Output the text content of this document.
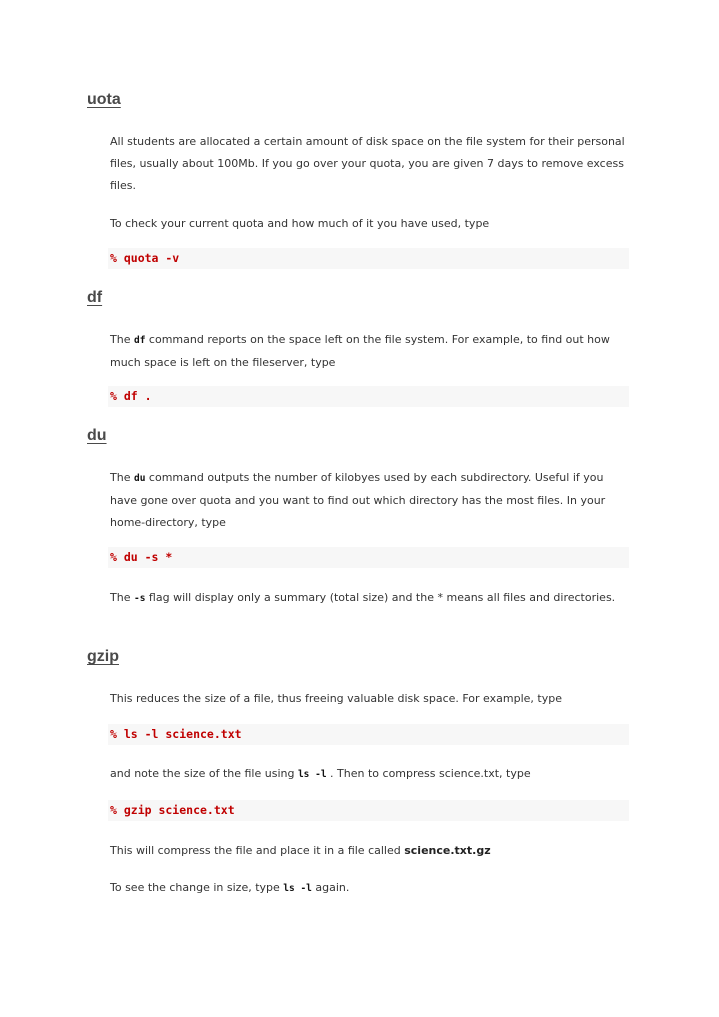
uota

All students are allocated a certain amount of disk space on the file system for their personal files, usually about 100Mb. If you go over your quota, you are given 7 days to remove excess files.

To check your current quota and how much of it you have used, type

% quota -v
df

The df command reports on the space left on the file system. For example, to find out how much space is left on the fileserver, type

% df .
du

The du command outputs the number of kilobyes used by each subdirectory. Useful if you have gone over quota and you want to find out which directory has the most files. In your home-directory, type

% du -s *

The -s flag will display only a summary (total size) and the * means all files and directories.

gzip

This reduces the size of a file, thus freeing valuable disk space. For example, type

% ls -l science.txt

and note the size of the file using ls -l . Then to compress science.txt, type

% gzip science.txt

This will compress the file and place it in a file called science.txt.gz

To see the change in size, type ls -l again.
